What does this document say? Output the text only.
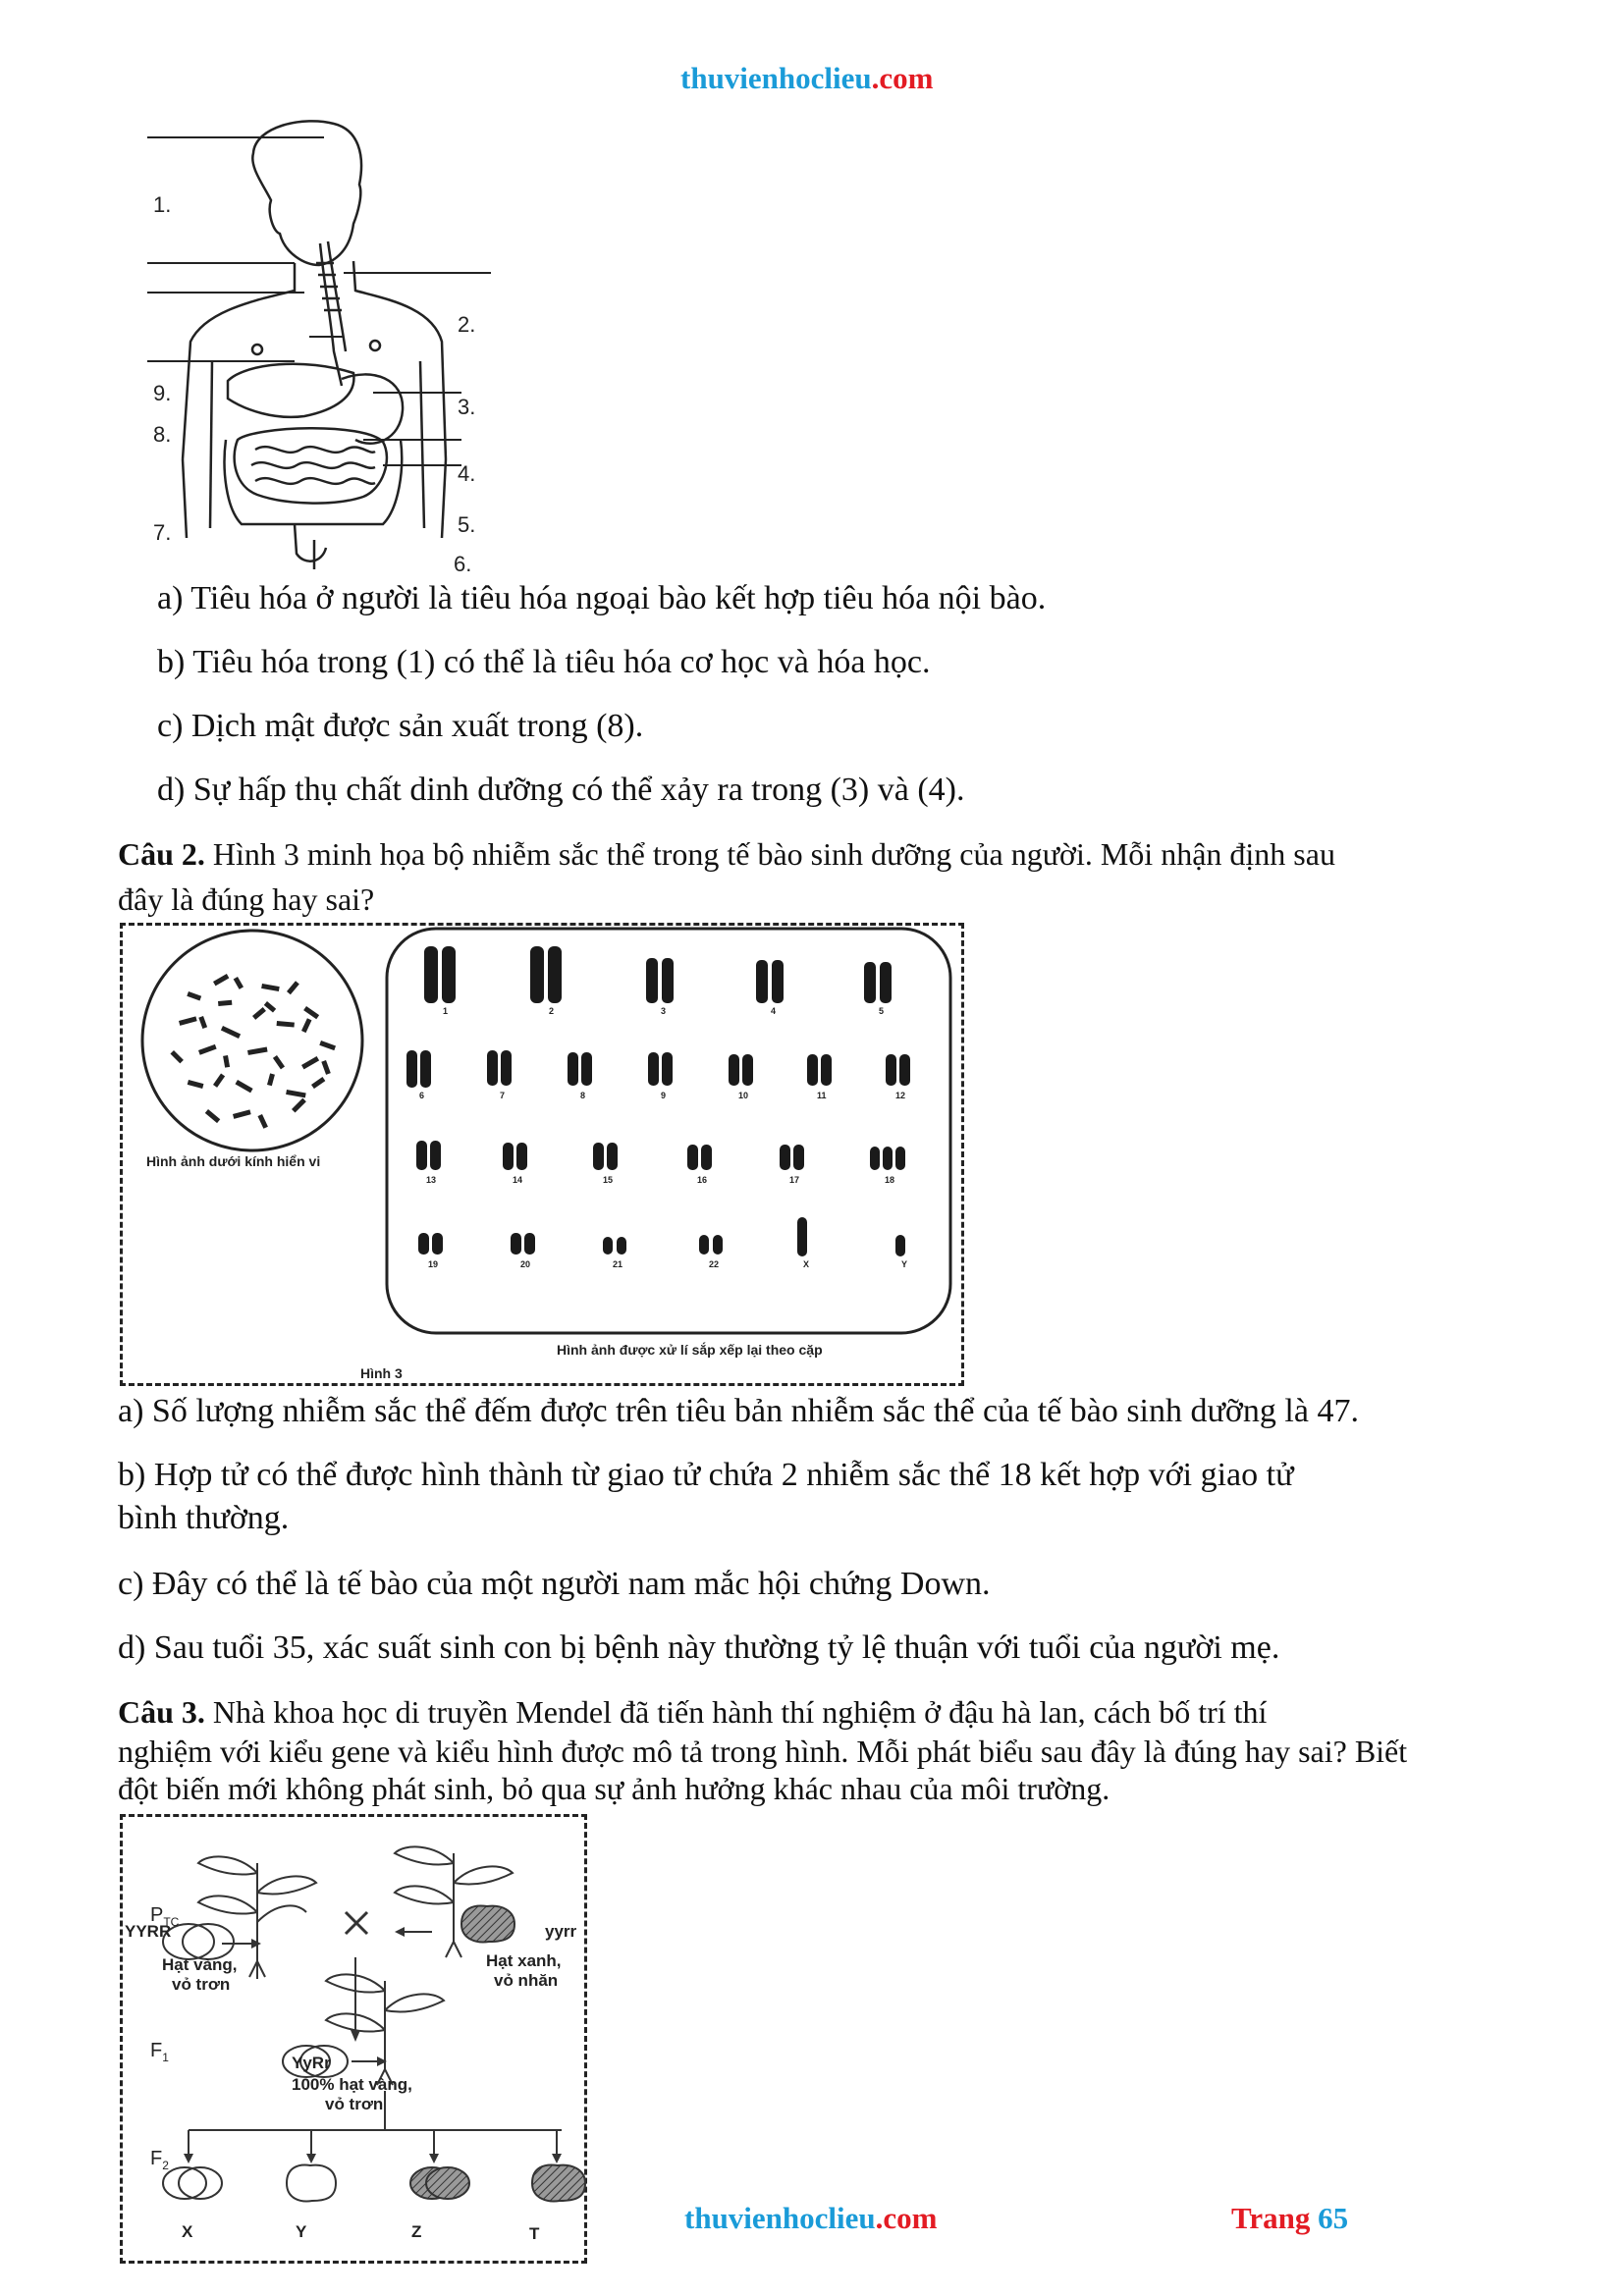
thuvienhoclieu.com
1.
2.
3.
4.
5.
6.
7.
8.
9.
a) Tiêu hóa ở người là tiêu hóa ngoại bào kết hợp tiêu hóa nội bào.
b) Tiêu hóa trong (1) có thể là tiêu hóa cơ học và hóa học.
c) Dịch mật được sản xuất trong (8).
d) Sự hấp thụ chất dinh dưỡng có thể xảy ra trong (3) và (4).
Câu 2. Hình 3 minh họa bộ nhiễm sắc thể trong tế bào sinh dưỡng của người. Mỗi nhận định sau
đây là đúng hay sai?
1	2	3	4	5
6	7	8	9	10	11	12
13	14	15	16	17	18
19	20	21	22	X	Y
Hình ảnh dưới kính hiển vi
Hình ảnh được xử lí sắp xếp lại theo cặp
Hình 3
a) Số lượng nhiễm sắc thể đếm được trên tiêu bản nhiễm sắc thể của tế bào sinh dưỡng là 47.
b) Hợp tử có thể được hình thành từ giao tử chứa 2 nhiễm sắc thể 18 kết hợp với giao tử
bình thường.
c) Đây có thể là tế bào của một người nam mắc hội chứng Down.
d) Sau tuổi 35, xác suất sinh con bị bệnh này thường tỷ lệ thuận với tuổi của người mẹ.
Câu 3. Nhà khoa học di truyền Mendel đã tiến hành thí nghiệm ở đậu hà lan, cách bố trí thí
nghiệm với kiểu gene và kiểu hình được mô tả trong hình. Mỗi phát biểu sau đây là đúng hay sai? Biết
đột biến mới không phát sinh, bỏ qua sự ảnh hưởng khác nhau của môi trường.
$P_{TC}$
YYRR
Hạt vàng,
vỏ trơn
yyrr
Hạt xanh,
vỏ nhăn
$F_1$	YyRr
100% hạt vàng,
vỏ trơn
$F_2$
X	Y	Z	T	thuvienhoclieu.com	Trang 65
